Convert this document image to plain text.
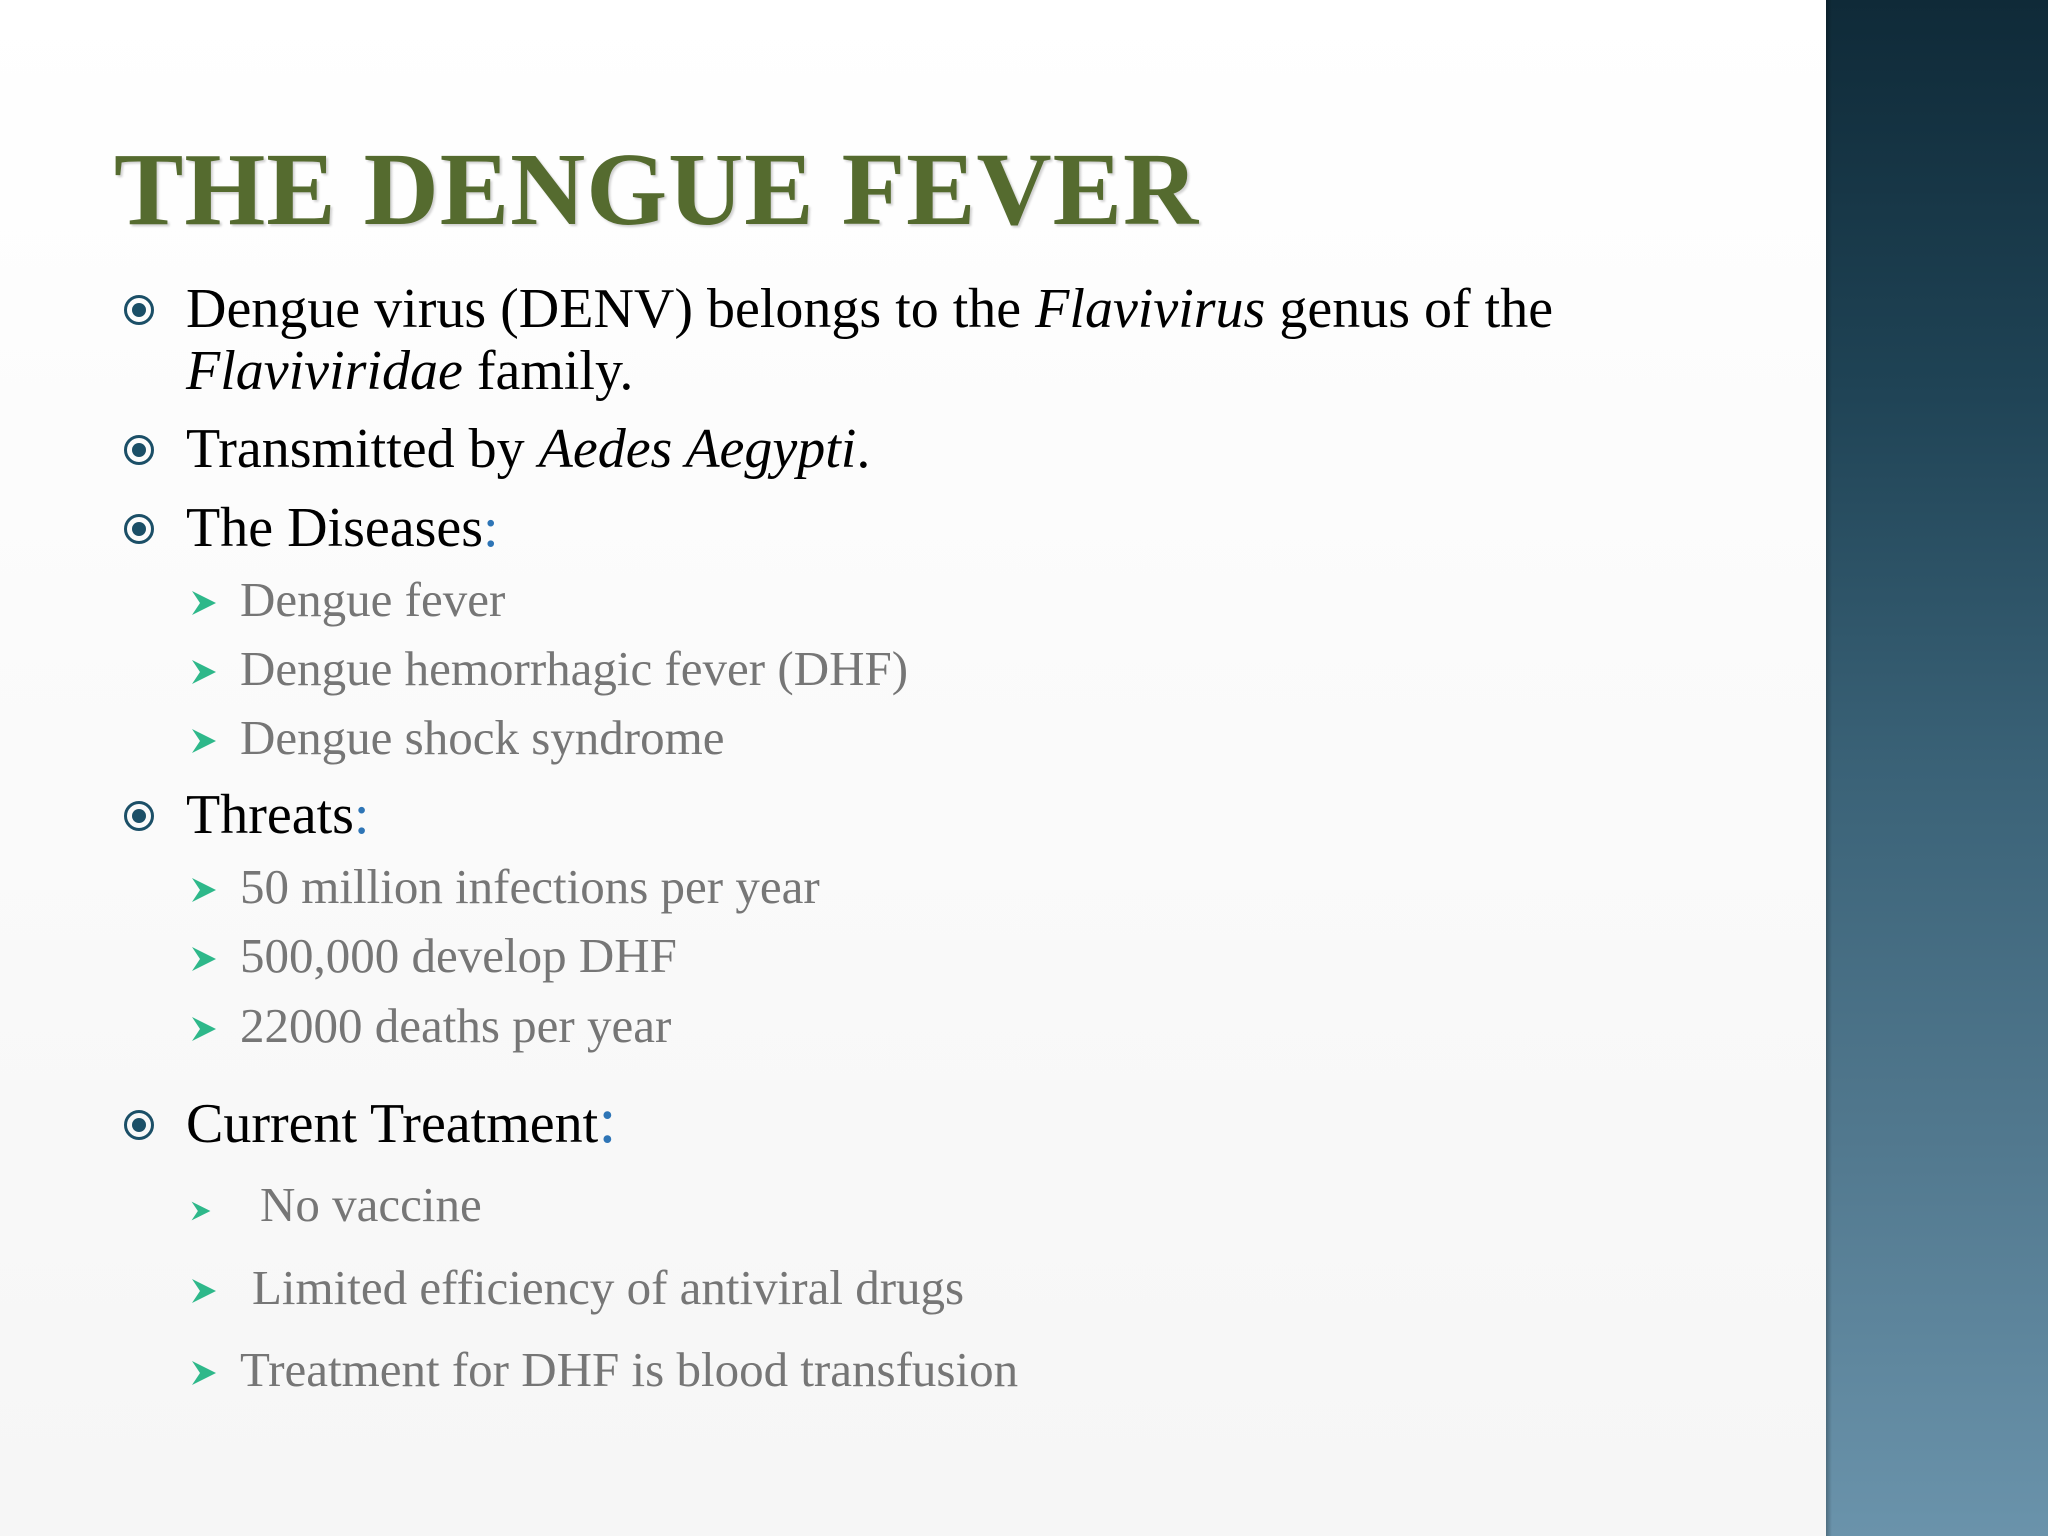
THE DENGUE FEVER
Dengue virus (DENV) belongs to the Flavivirus genus of the
Flaviviridae family.
Transmitted by Aedes Aegypti.
The Diseases:
Dengue fever
Dengue hemorrhagic fever (DHF)
Dengue shock syndrome
Threats:
50 million infections per year
500,000 develop DHF
22000 deaths per year
Current Treatment:
No vaccine
Limited efficiency of antiviral drugs
Treatment for DHF is blood transfusion
